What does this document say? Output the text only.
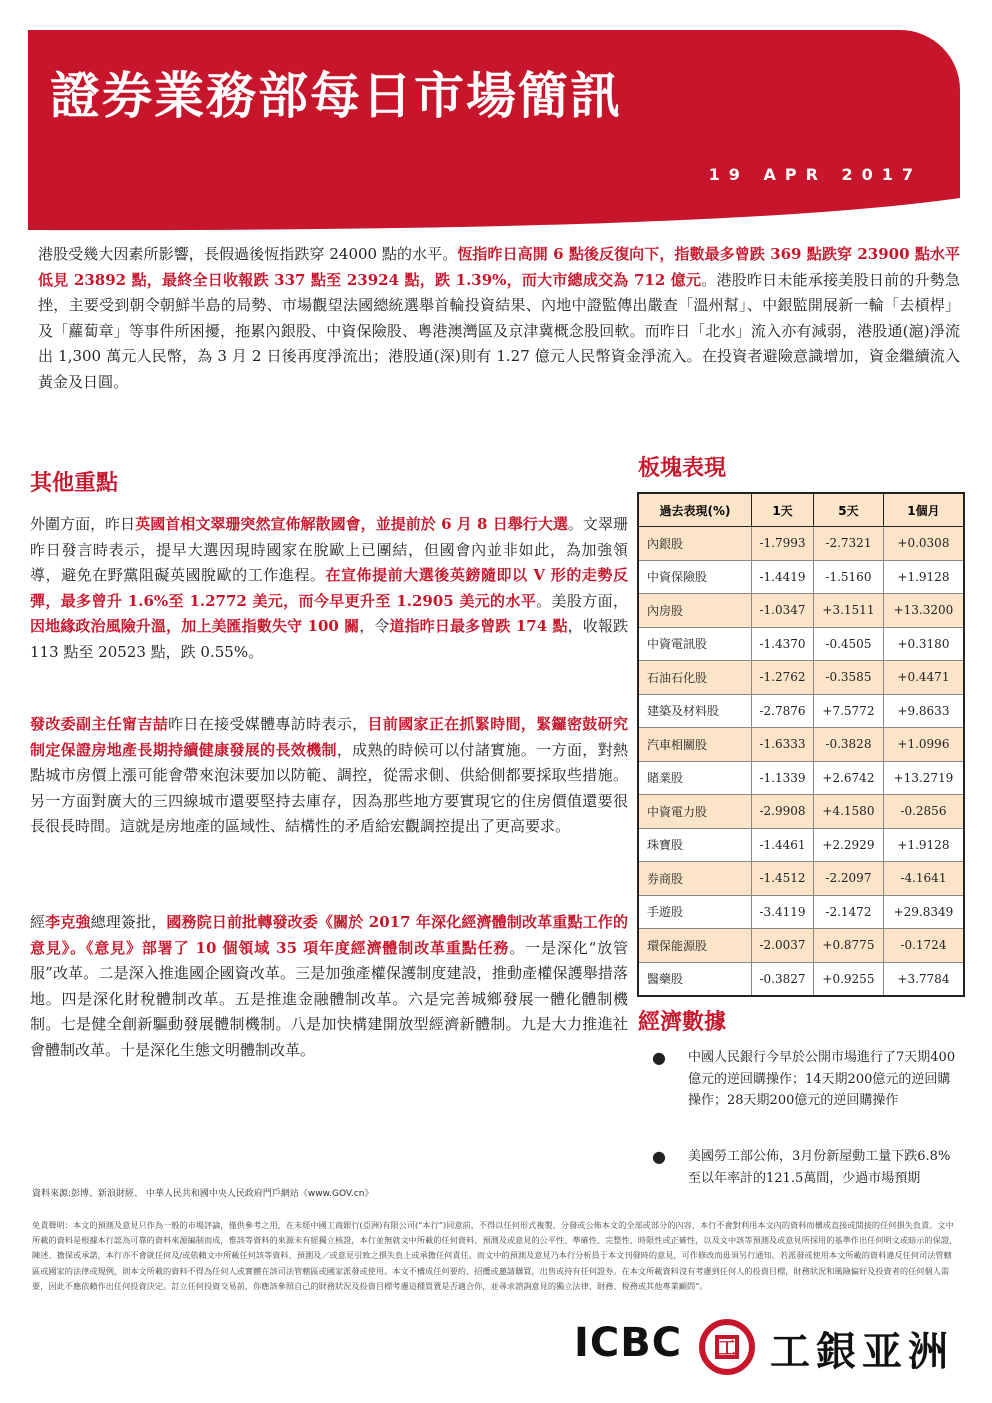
證券業務部每日市場簡訊
19 APR 2017
焦點新聞
港股受幾大因素所影響，長假過後恆指跌穿 24000 點的水平。恆指昨日高開 6 點後反復向下，指數最多曾跌 369 點跌穿 23900 點水平低見 23892 點，最終全日收報跌 337 點至 23924 點，跌 1.39%，而大市總成交為 712 億元。港股昨日未能承接美股日前的升勢急挫，主要受到朝令朝鮮半島的局勢、市場觀望法國總統選舉首輪投資結果、內地中證監傳出嚴查「溫州幫」、中銀監開展新一輪「去槓桿」及「蘿蔔章」等事件所困擾，拖累內銀股、中資保險股、粵港澳灣區及京津冀概念股回軟。而昨日「北水」流入亦有減弱，港股通(滬)淨流出 1,300 萬元人民幣，為 3 月 2 日後再度淨流出；港股通(深)則有 1.27 億元人民幣資金淨流入。在投資者避險意識增加，資金繼續流入黃金及日圓。
其他重點
外圍方面，昨日英國首相文翠珊突然宣佈解散國會，並提前於 6 月 8 日舉行大選。文翠珊昨日發言時表示，提早大選因現時國家在脫歐上已團結，但國會內並非如此，為加強領導，避免在野黨阻礙英國脫歐的工作進程。在宣佈提前大選後英鎊隨即以 V 形的走勢反彈，最多曾升 1.6%至 1.2772 美元，而今早更升至 1.2905 美元的水平。美股方面，因地緣政治風險升溫，加上美匯指數失守 100 關，令道指昨日最多曾跌 174 點，收報跌 113 點至 20523 點，跌 0.55%。
發改委副主任甯吉喆昨日在接受媒體專訪時表示，目前國家正在抓緊時間，緊鑼密鼓研究制定保證房地產長期持續健康發展的長效機制，成熟的時候可以付諸實施。一方面，對熱點城市房價上漲可能會帶來泡沫要加以防範、調控，從需求側、供給側都要採取些措施。另一方面對廣大的三四線城市還要堅持去庫存，因為那些地方要實現它的住房價值還要很長很長時間。這就是房地產的區域性、結構性的矛盾給宏觀調控提出了更高要求。
經李克強總理簽批，國務院日前批轉發改委《關於 2017 年深化經濟體制改革重點工作的意見》。《意見》部署了 10 個領域 35 項年度經濟體制改革重點任務。一是深化“放管服”改革。二是深入推進國企國資改革。三是加強產權保護制度建設，推動產權保護舉措落地。四是深化財稅體制改革。五是推進金融體制改革。六是完善城鄉發展一體化體制機制。七是健全創新驅動發展體制機制。八是加快構建開放型經濟新體制。九是大力推進社會體制改革。十是深化生態文明體制改革。
板塊表現
過去表現(%)	1天	5天	1個月
內銀股	-1.7993	-2.7321	+0.0308
中資保險股	-1.4419	-1.5160	+1.9128
內房股	-1.0347	+3.1511	+13.3200
中資電訊股	-1.4370	-0.4505	+0.3180
石油石化股	-1.2762	-0.3585	+0.4471
建築及材料股	-2.7876	+7.5772	+9.8633
汽車相關股	-1.6333	-0.3828	+1.0996
賭業股	-1.1339	+2.6742	+13.2719
中資電力股	-2.9908	+4.1580	-0.2856
珠寶股	-1.4461	+2.2929	+1.9128
券商股	-1.4512	-2.2097	-4.1641
手遊股	-3.4119	-2.1472	+29.8349
環保能源股	-2.0037	+0.8775	-0.1724
醫藥股	-0.3827	+0.9255	+3.7784
經濟數據
● 中國人民銀行今早於公開市場進行了7天期400億元的逆回購操作；14天期200億元的逆回購操作；28天期200億元的逆回購操作
● 美國勞工部公佈，3月份新屋動工量下跌6.8%至以年率計的121.5萬間，少過市場預期
資料來源:彭博、新浪財經、 中華人民共和國中央人民政府門戶網站《www.GOV.cn》
免責聲明：本文的預測及意見只作為一般的市場評論，僅供參考之用，在未經中國工商銀行(亞洲)有限公司(“本行”)同意前，不得以任何形式複製、分發或公佈本文的全部或部分的內容，本行不會對利用本文內的資料而構成直接或間接的任何損失負責。文中所載的資料是根據本行認為可靠的資料來源編制而成，惟該等資料的來源未有經獨立核證，本行並無就文中所載的任何資料、預測及或意見的公平性、準確性、完整性、時限性或正確性，以及文中該等預測及或意見所採用的基準作出任何明文或暗示的保證、陳述、擔保或承諾，本行亦不會就任何及/或依賴文中所載任何該等資料、預測及／或意見引致之損失負上或承擔任何責任。而文中的預測及意見乃本行分析員于本文刊發時的意見，可作修改而毋須另行通知。若派發或使用本文所載的資料違反任何司法管轄區或國家的法律或規例，則本文所載的資料不得為任何人或實體在該司法管轄區或國家派發或使用。本文不構成任何要約、招攬或邀請購買，出售或持有任何證券。在本文所載資料沒有考慮到任何人的投資目標，財務狀況和風險偏好及投資者的任何個人需要，因此不應依賴作出任何投資決定。訂立任何投資交易前，你應該參照自己的財務狀況及投資目標考慮這種買賣是否適合你，並尋求諮詢意見的獨立法律、財務、稅務或其他專業顧問”。
ICBC 工 工銀亚洲
